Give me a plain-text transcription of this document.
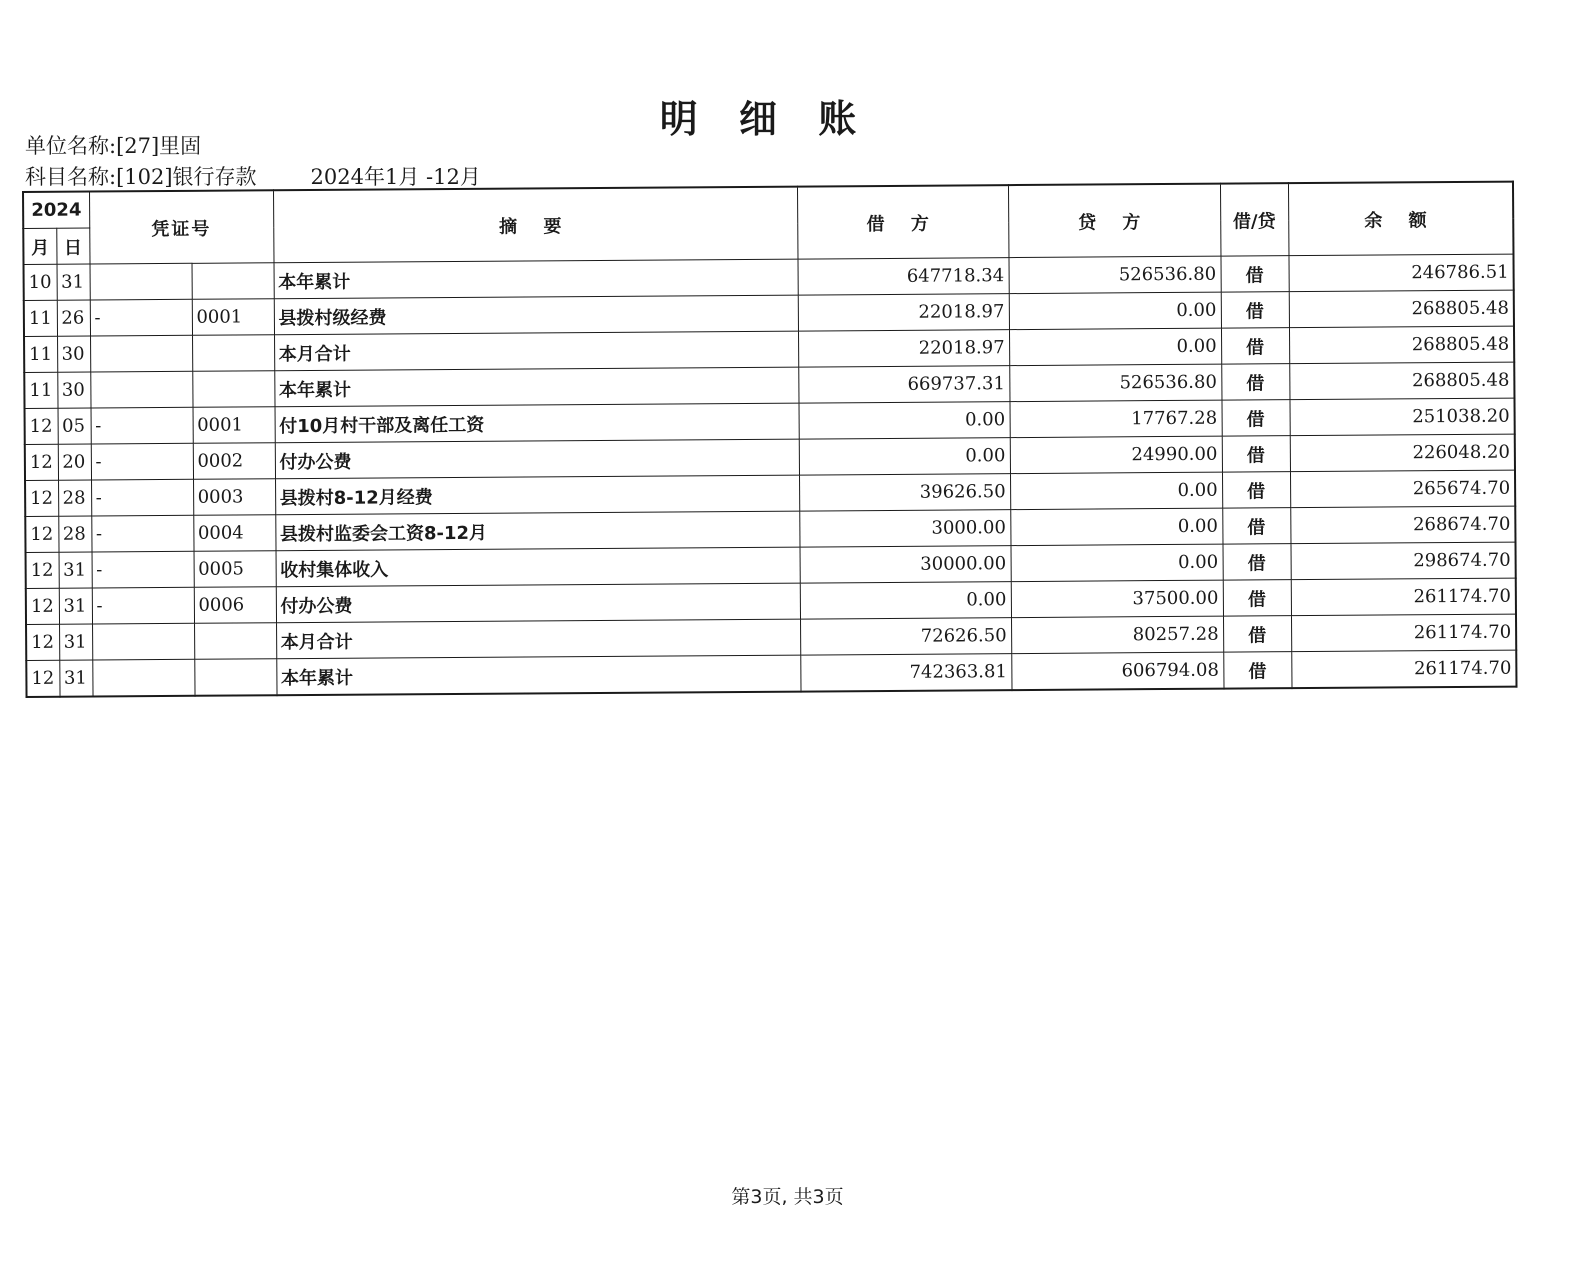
明 细 账
单位名称:[27]里固
科目名称:[102]银行存款	2024年1月 -12月
2024		凭证号		摘 要	借 方	贷 方	借/贷	余 额
月	日							
10	31			本年累计	647718.34	526536.80	借	246786.51
11	26	-	0001	县拨村级经费	22018.97	0.00	借	268805.48
11	30			本月合计	22018.97	0.00	借	268805.48
11	30			本年累计	669737.31	526536.80	借	268805.48
12	05	-	0001	付10月村干部及离任工资	0.00	17767.28	借	251038.20
12	20	-	0002	付办公费	0.00	24990.00	借	226048.20
12	28	-	0003	县拨村8-12月经费	39626.50	0.00	借	265674.70
12	28	-	0004	县拨村监委会工资8-12月	3000.00	0.00	借	268674.70
12	31	-	0005	收村集体收入	30000.00	0.00	借	298674.70
12	31	-	0006	付办公费	0.00	37500.00	借	261174.70
12	31			本月合计	72626.50	80257.28	借	261174.70
12	31			本年累计	742363.81	606794.08	借	261174.70
第3页, 共3页
